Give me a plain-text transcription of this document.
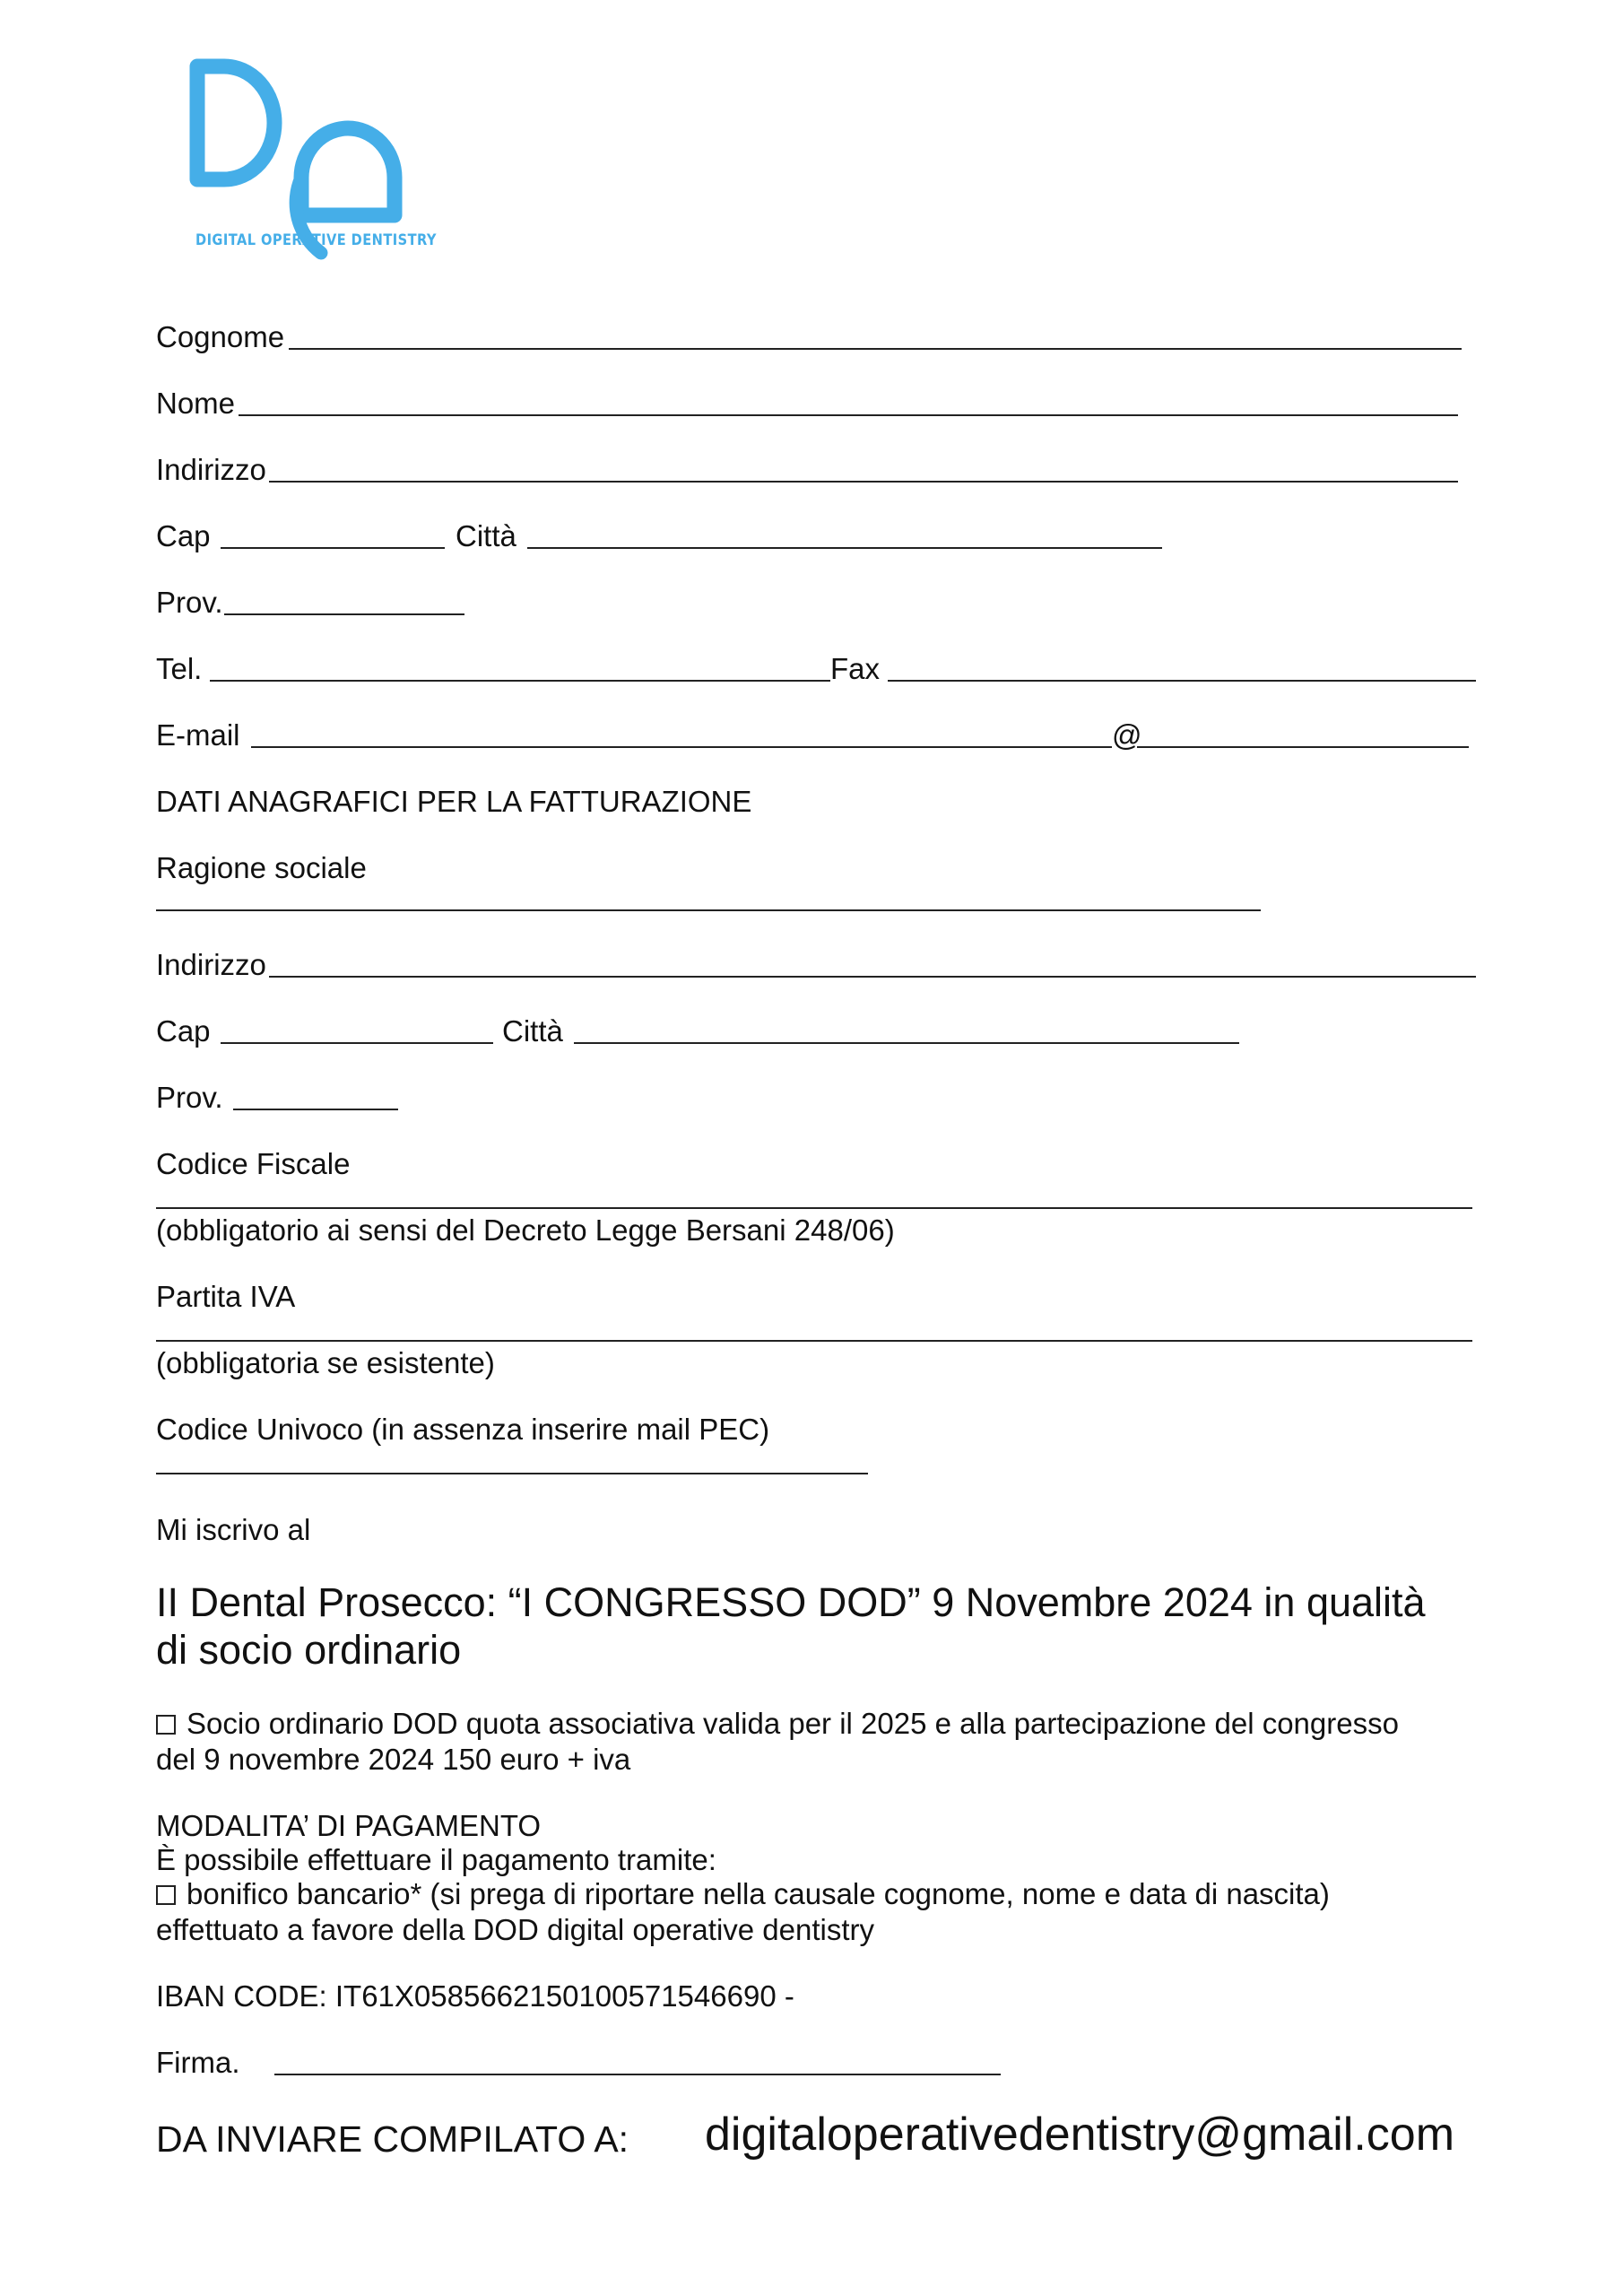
DIGITAL OPERATIVE DENTISTRY
Cognome
Nome
Indirizzo
Cap	Città
Prov.
Tel.	Fax
E-mail	@
DATI ANAGRAFICI PER LA FATTURAZIONE
Ragione sociale
Indirizzo
Cap	Città
Prov.
Codice Fiscale
(obbligatorio ai sensi del Decreto Legge Bersani 248/06)
Partita IVA
(obbligatoria se esistente)
Codice Univoco (in assenza inserire mail PEC)
Mi iscrivo al
II Dental Prosecco: “I CONGRESSO DOD” 9 Novembre 2024 in qualità
di socio ordinario
Socio ordinario DOD quota associativa valida per il 2025 e alla partecipazione del congresso
del 9 novembre 2024 150 euro + iva
MODALITA’ DI PAGAMENTO
È possibile effettuare il pagamento tramite:
bonifico bancario* (si prega di riportare nella causale cognome, nome e data di nascita)
effettuato a favore della DOD digital operative dentistry
IBAN CODE: IT61X0585662150100571546690 -
Firma.
DA INVIARE COMPILATO A: digitaloperativedentistry@gmail.com
